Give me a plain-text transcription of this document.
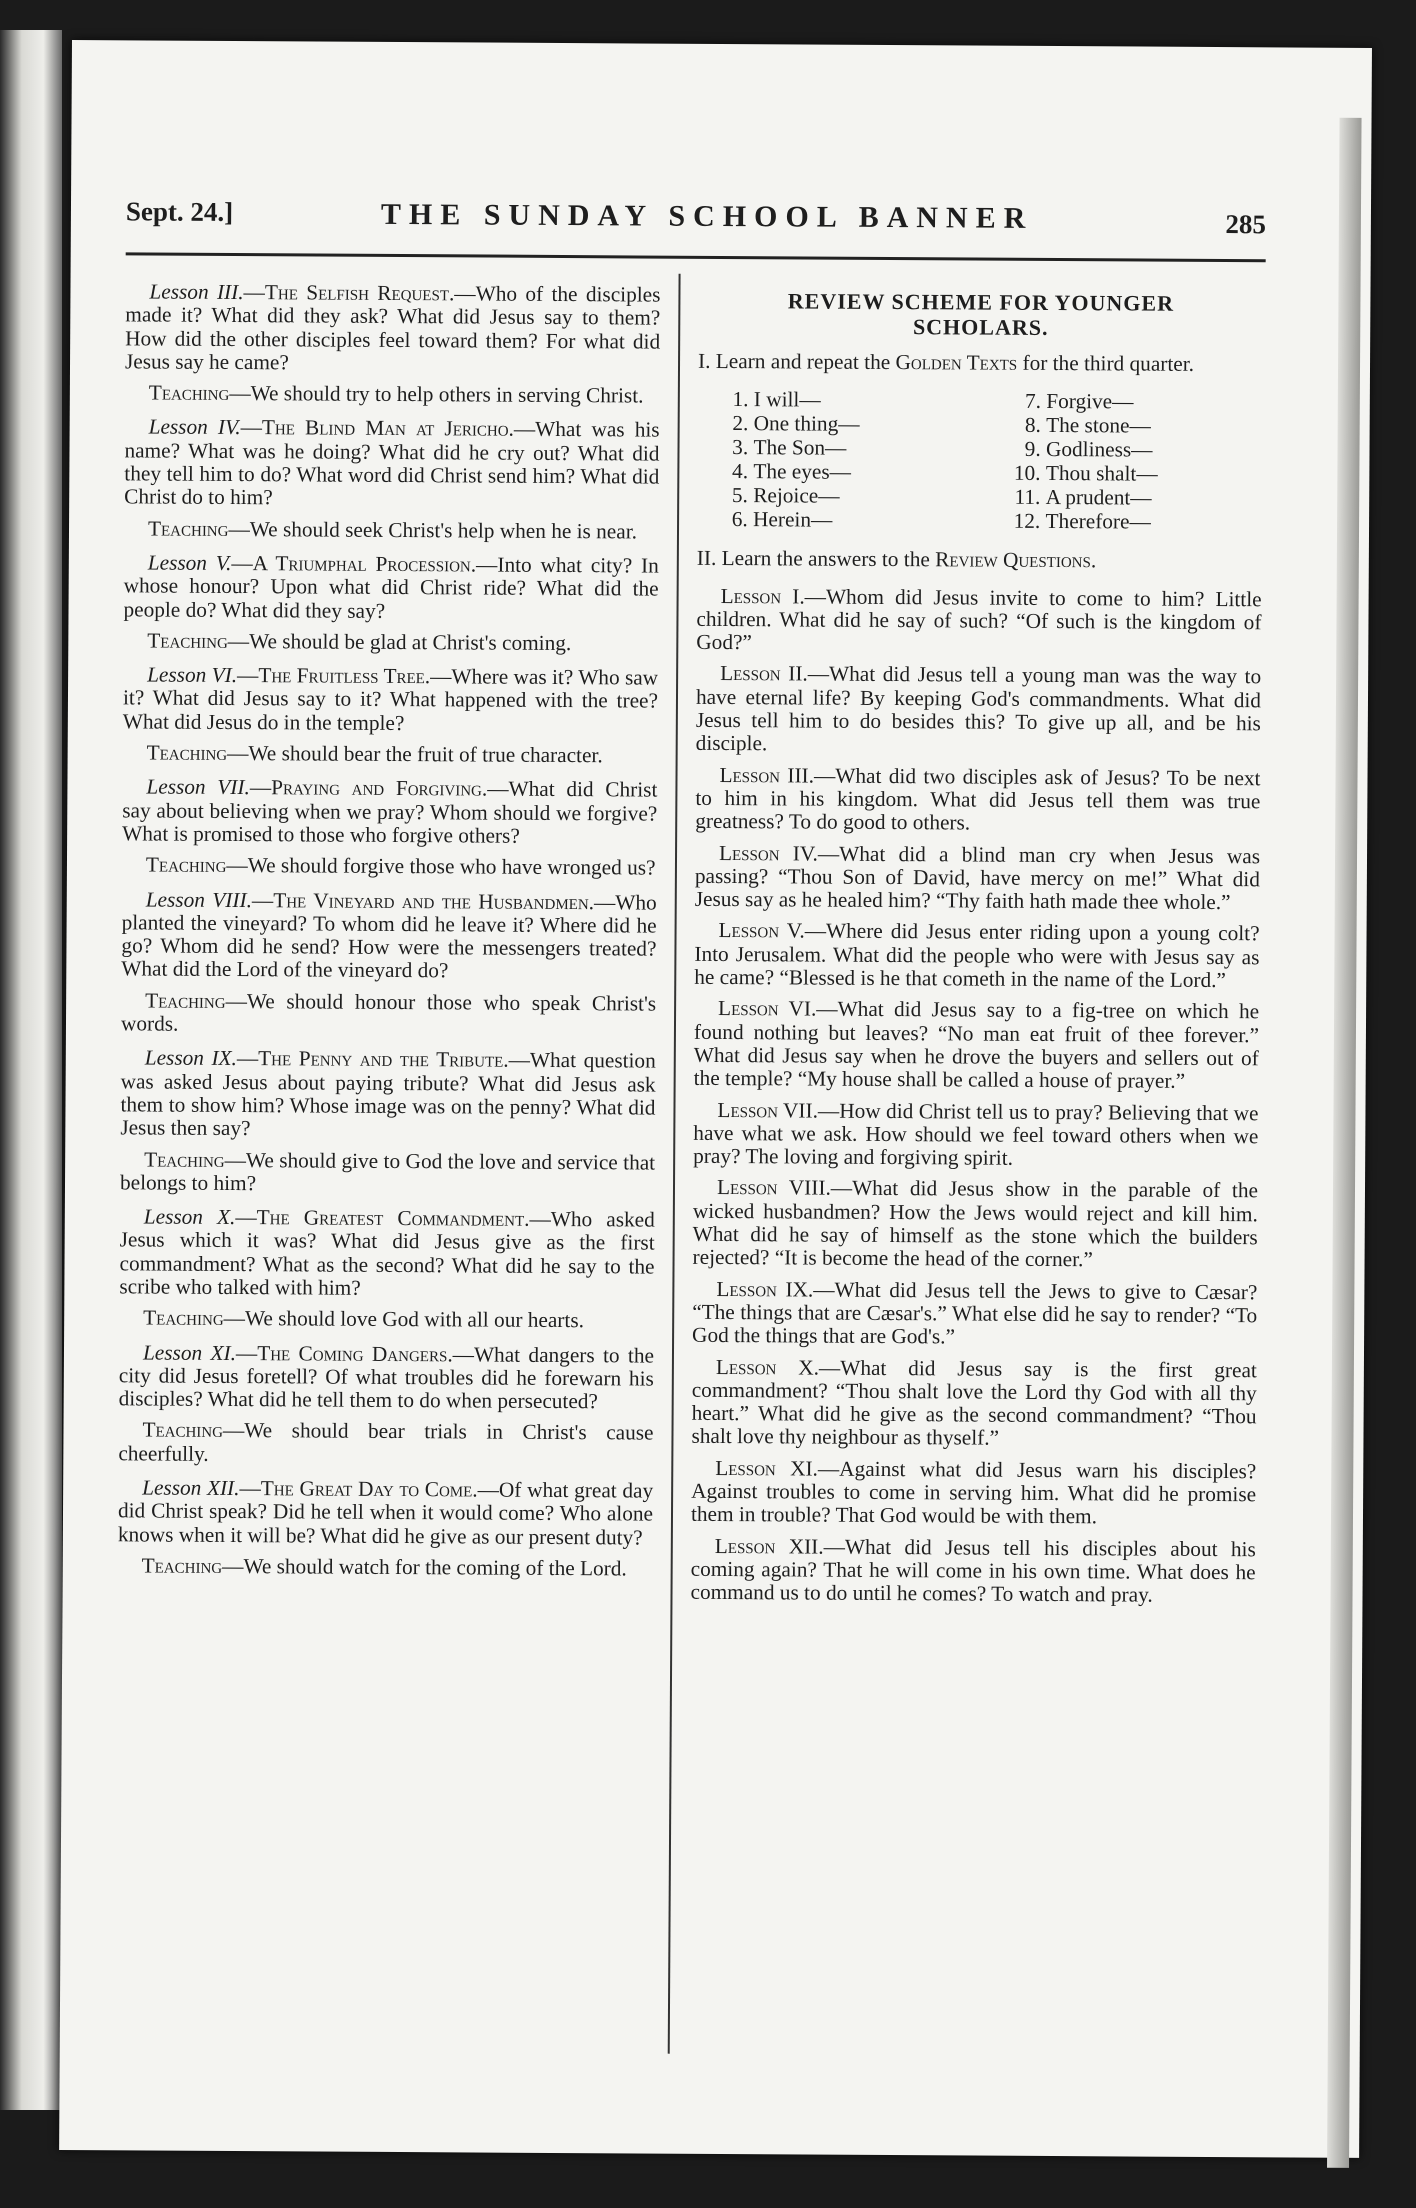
Sept. 24.]	THE SUNDAY SCHOOL BANNER	285

Lesson III.—The Selfish Request.—Who of the disciples made it? What did they ask? What did Jesus say to them? How did the other disciples feel toward them? For what did Jesus say he came?

Teaching—We should try to help others in serving Christ.

Lesson IV.—The Blind Man at Jericho.—What was his name? What was he doing? What did he cry out? What did they tell him to do? What word did Christ send him? What did Christ do to him?

Teaching—We should seek Christ's help when he is near.

Lesson V.—A Triumphal Procession.—Into what city? In whose honour? Upon what did Christ ride? What did the people do? What did they say?

Teaching—We should be glad at Christ's coming.

Lesson VI.—The Fruitless Tree.—Where was it? Who saw it? What did Jesus say to it? What happened with the tree? What did Jesus do in the temple?

Teaching—We should bear the fruit of true character.

Lesson VII.—Praying and Forgiving.—What did Christ say about believing when we pray? Whom should we forgive? What is promised to those who forgive others?

Teaching—We should forgive those who have wronged us?

Lesson VIII.—The Vineyard and the Husbandmen.—Who planted the vineyard? To whom did he leave it? Where did he go? Whom did he send? How were the messengers treated? What did the Lord of the vineyard do?

Teaching—We should honour those who speak Christ's words.

Lesson IX.—The Penny and the Tribute.—What question was asked Jesus about paying tribute? What did Jesus ask them to show him? Whose image was on the penny? What did Jesus then say?

Teaching—We should give to God the love and service that belongs to him?

Lesson X.—The Greatest Commandment.—Who asked Jesus which it was? What did Jesus give as the first commandment? What as the second? What did he say to the scribe who talked with him?

Teaching—We should love God with all our hearts.

Lesson XI.—The Coming Dangers.—What dangers to the city did Jesus foretell? Of what troubles did he forewarn his disciples? What did he tell them to do when persecuted?

Teaching—We should bear trials in Christ's cause cheerfully.

Lesson XII.—The Great Day to Come.—Of what great day did Christ speak? Did he tell when it would come? Who alone knows when it will be? What did he give as our present duty?

Teaching—We should watch for the coming of the Lord.

REVIEW SCHEME FOR YOUNGER SCHOLARS.

I. Learn and repeat the Golden Texts for the third quarter.

1. I will—
2. One thing—
3. The Son—
4. The eyes—
5. Rejoice—
6. Herein—
7. Forgive—
8. The stone—
9. Godliness—
10. Thou shalt—
11. A prudent—
12. Therefore—

II. Learn the answers to the Review Questions.

Lesson I.—Whom did Jesus invite to come to him? Little children. What did he say of such? “Of such is the kingdom of God?”

Lesson II.—What did Jesus tell a young man was the way to have eternal life? By keeping God's commandments. What did Jesus tell him to do besides this? To give up all, and be his disciple.

Lesson III.—What did two disciples ask of Jesus? To be next to him in his kingdom. What did Jesus tell them was true greatness? To do good to others.

Lesson IV.—What did a blind man cry when Jesus was passing? “Thou Son of David, have mercy on me!” What did Jesus say as he healed him? “Thy faith hath made thee whole.”

Lesson V.—Where did Jesus enter riding upon a young colt? Into Jerusalem. What did the people who were with Jesus say as he came? “Blessed is he that cometh in the name of the Lord.”

Lesson VI.—What did Jesus say to a fig-tree on which he found nothing but leaves? “No man eat fruit of thee forever.” What did Jesus say when he drove the buyers and sellers out of the temple? “My house shall be called a house of prayer.”

Lesson VII.—How did Christ tell us to pray? Believing that we have what we ask. How should we feel toward others when we pray? The loving and forgiving spirit.

Lesson VIII.—What did Jesus show in the parable of the wicked husbandmen? How the Jews would reject and kill him. What did he say of himself as the stone which the builders rejected? “It is become the head of the corner.”

Lesson IX.—What did Jesus tell the Jews to give to Cæsar? “The things that are Cæsar's.” What else did he say to render? “To God the things that are God's.”

Lesson X.—What did Jesus say is the first great commandment? “Thou shalt love the Lord thy God with all thy heart.” What did he give as the second commandment? “Thou shalt love thy neighbour as thyself.”

Lesson XI.—Against what did Jesus warn his disciples? Against troubles to come in serving him. What did he promise them in trouble? That God would be with them.

Lesson XII.—What did Jesus tell his disciples about his coming again? That he will come in his own time. What does he command us to do until he comes? To watch and pray.
